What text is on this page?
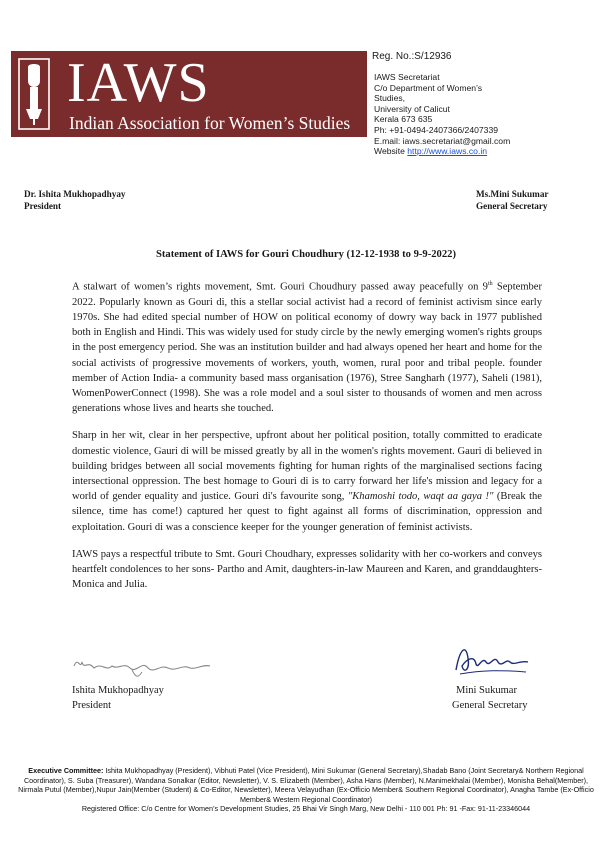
IAWS
Indian Association for Women’s Studies
Reg. No.:S/12936
IAWS Secretariat
C/o Department of Women’s
Studies,
University of Calicut
Kerala 673 635
Ph: +91-0494-2407366/2407339
E.mail: iaws.secretariat@gmail.com
Website http://www.iaws.co.in
Dr. Ishita Mukhopadhyay
President
Ms.Mini Sukumar
General Secretary
Statement of IAWS for Gouri Choudhury (12-12-1938 to 9-9-2022)

A stalwart of women’s rights movement, Smt. Gouri Choudhury passed away peacefully on 9th September 2022. Popularly known as Gouri di, this a stellar social activist had a record of feminist activism since early 1970s. She had edited special number of HOW on political economy of dowry way back in 1977 published both in English and Hindi. This was widely used for study circle by the newly emerging women's rights groups in the post emergency period. She was an institution builder and had always opened her heart and home for the social activists of progressive movements of workers, youth, women, rural poor and tribal people. founder member of Action India- a community based mass organisation (1976), Stree Sangharh (1977), Saheli (1981), WomenPowerConnect (1998). She was a role model and a soul sister to thousands of women and men across generations whose lives and hearts she touched.

Sharp in her wit, clear in her perspective, upfront about her political position, totally committed to eradicate domestic violence, Gauri di will be missed greatly by all in the women's rights movement. Gauri di believed in building bridges between all social movements fighting for human rights of the marginalised sections facing intersectional oppression. The best homage to Gouri di is to carry forward her life's mission and legacy for a world of gender equality and justice. Gouri di's favourite song, "Khamoshi todo, waqt aa gaya !" (Break the silence, time has come!) captured her quest to fight against all forms of discrimination, oppression and exploitation. Gouri di was a conscience keeper for the younger generation of feminist activists.

IAWS pays a respectful tribute to Smt. Gouri Choudhary, expresses solidarity with her co-workers and conveys heartfelt condolences to her sons- Partho and Amit, daughters-in-law Maureen and Karen, and granddaughters- Monica and Julia.

Ishita Mukhopadhyay
President
Mini Sukumar
General Secretary
Executive Committee: Ishita Mukhopadhyay (President), Vibhuti Patel (Vice President), Mini Sukumar (General Secretary),Shadab Bano (Joint Secretary& Northern Regional Coordinator), S. Suba (Treasurer), Wandana Sonalkar (Editor, Newsletter), V. S. Elizabeth (Member), Asha Hans (Member), N.Manimekhalai (Member), Monisha Behal(Member), Nirmala Putul (Member),Nupur Jain(Member (Student) & Co-Editor, Newsletter), Meera Velayudhan (Ex-Officio Member& Southern Regional Coordinator), Anagha Tambe (Ex-Officio Member& Western Regional Coordinator)
Registered Office: C/o Centre for Women’s Development Studies, 25 Bhai Vir Singh Marg, New Delhi - 110 001 Ph: 91 -Fax: 91-11-23346044
